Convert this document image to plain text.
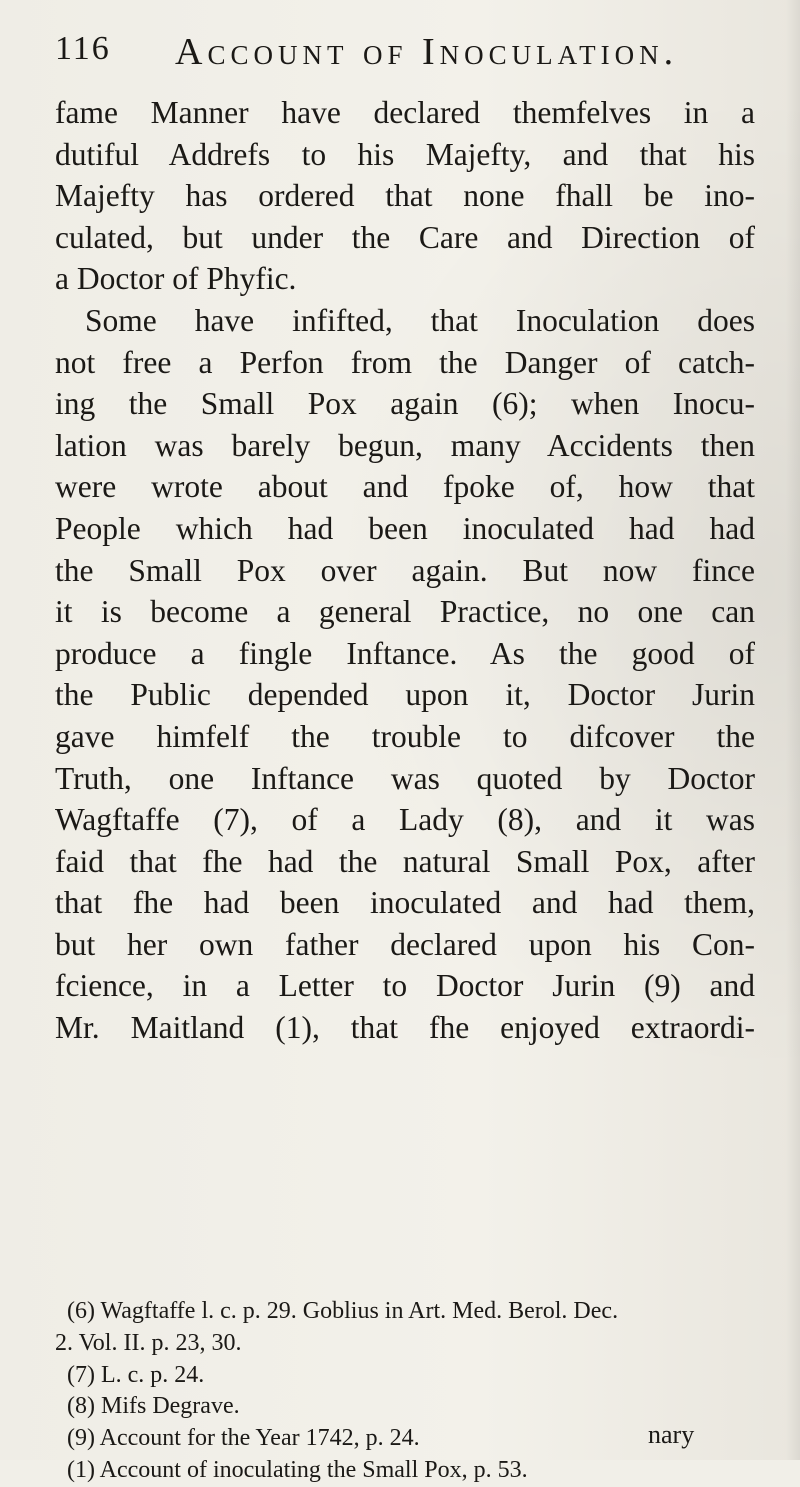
116 Account of Inoculation.
fame Manner have declared themfelves in a
dutiful Addrefs to his Majefty, and that his
Majefty has ordered that none fhall be ino-
culated, but under the Care and Direction of
a Doctor of Phyfic.
Some have infifted, that Inoculation does
not free a Perfon from the Danger of catch-
ing the Small Pox again (6); when Inocu-
lation was barely begun, many Accidents then
were wrote about and fpoke of, how that
People which had been inoculated had had
the Small Pox over again. But now fince
it is become a general Practice, no one can
produce a fingle Inftance. As the good of
the Public depended upon it, Doctor Jurin
gave himfelf the trouble to difcover the
Truth, one Inftance was quoted by Doctor
Wagftaffe (7), of a Lady (8), and it was
faid that fhe had the natural Small Pox, after
that fhe had been inoculated and had them,
but her own father declared upon his Con-
fcience, in a Letter to Doctor Jurin (9) and
Mr. Maitland (1), that fhe enjoyed extraordi-
(6) Wagftaffe l. c. p. 29. Goblius in Art. Med. Berol. Dec.
2. Vol. II. p. 23, 30.
(7) L. c. p. 24.
(8) Mifs Degrave.
(9) Account for the Year 1742, p. 24.
(1) Account of inoculating the Small Pox, p. 53.
nary
